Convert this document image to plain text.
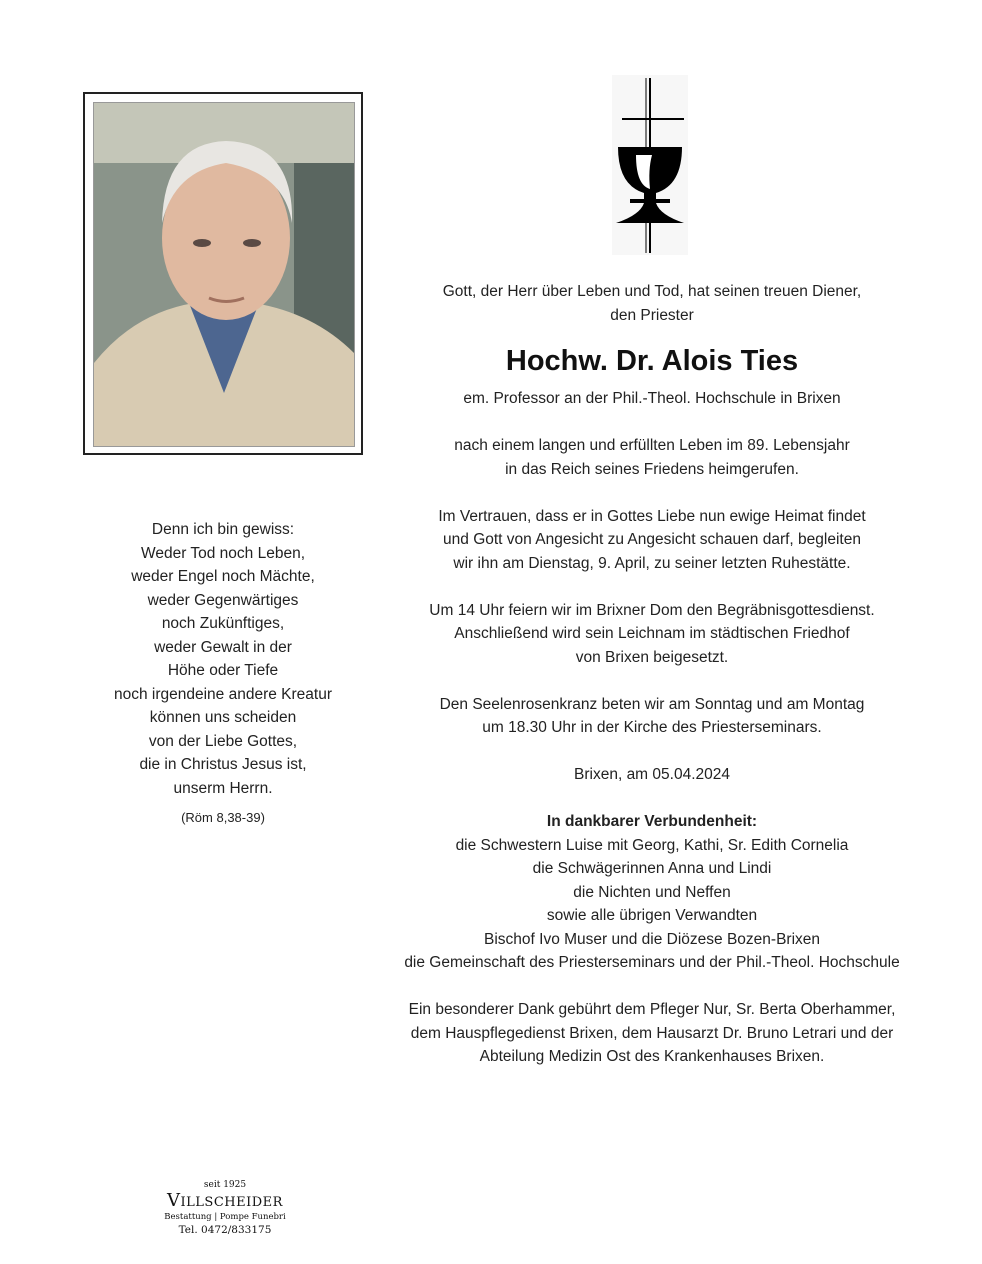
Denn ich bin gewiss:
Weder Tod noch Leben,
weder Engel noch Mächte,
weder Gegenwärtiges
noch Zukünftiges,
weder Gewalt in der
Höhe oder Tiefe
noch irgendeine andere Kreatur
können uns scheiden
von der Liebe Gottes,
die in Christus Jesus ist,
unserm Herrn.
(Röm 8,38-39)
Gott, der Herr über Leben und Tod, hat seinen treuen Diener,
den Priester
Hochw. Dr. Alois Ties
em. Professor an der Phil.-Theol. Hochschule in Brixen
nach einem langen und erfüllten Leben im 89. Lebensjahr
in das Reich seines Friedens heimgerufen.
Im Vertrauen, dass er in Gottes Liebe nun ewige Heimat findet
und Gott von Angesicht zu Angesicht schauen darf, begleiten
wir ihn am Dienstag, 9. April, zu seiner letzten Ruhestätte.
Um 14 Uhr feiern wir im Brixner Dom den Begräbnisgottesdienst.
Anschließend wird sein Leichnam im städtischen Friedhof
von Brixen beigesetzt.
Den Seelenrosenkranz beten wir am Sonntag und am Montag
um 18.30 Uhr in der Kirche des Priesterseminars.
Brixen, am 05.04.2024
In dankbarer Verbundenheit:
die Schwestern Luise mit Georg, Kathi, Sr. Edith Cornelia
die Schwägerinnen Anna und Lindi
die Nichten und Neffen
sowie alle übrigen Verwandten
Bischof Ivo Muser und die Diözese Bozen-Brixen
die Gemeinschaft des Priesterseminars und der Phil.-Theol. Hochschule
Ein besonderer Dank gebührt dem Pfleger Nur, Sr. Berta Oberhammer,
dem Hauspflegedienst Brixen, dem Hausarzt Dr. Bruno Letrari und der
Abteilung Medizin Ost des Krankenhauses Brixen.
seit 1925
Villscheider
Bestattung | Pompe Funebri
Tel. 0472/833175
